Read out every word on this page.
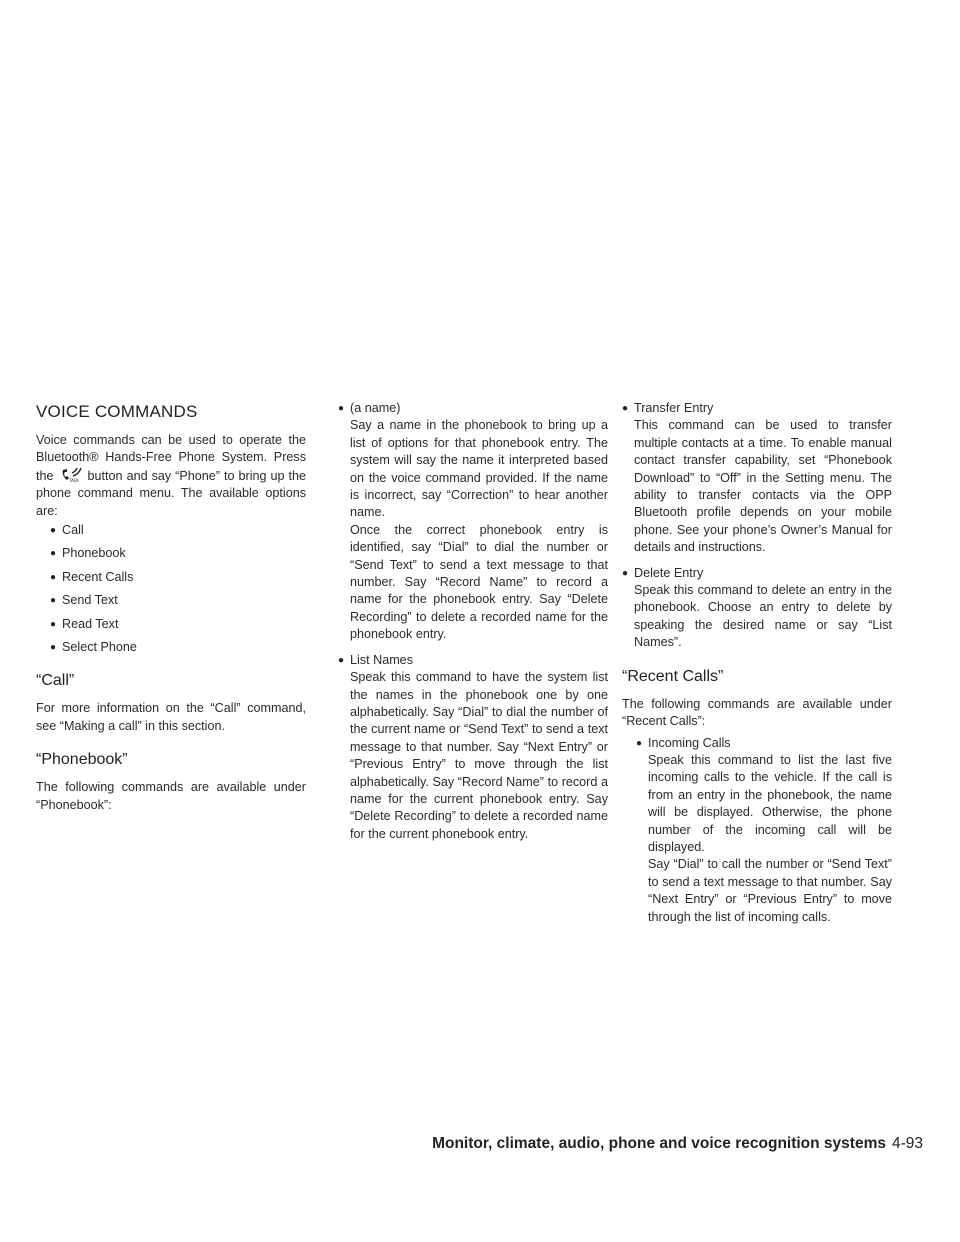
VOICE COMMANDS

Voice commands can be used to operate the Bluetooth® Hands-Free Phone System. Press the	TALK button and say “Phone” to bring up the phone command menu. The available options are:

● Call
● Phonebook
● Recent Calls
● Send Text
● Read Text
● Select Phone
“Call”

For more information on the “Call” command, see “Making a call” in this section.

“Phonebook”

The following commands are available under “Phonebook”:

● (a name)
Say a name in the phonebook to bring up a list of options for that phonebook entry. The system will say the name it interpreted based on the voice command provided. If the name is incorrect, say “Correction” to hear another name.
Once the correct phonebook entry is identified, say “Dial” to dial the number or “Send Text” to send a text message to that number. Say “Record Name” to record a name for the phonebook entry. Say “Delete Recording” to delete a recorded name for the phonebook entry.
● List Names
Speak this command to have the system list the names in the phonebook one by one alphabetically. Say “Dial” to dial the number of the current name or “Send Text” to send a text message to that number. Say “Next Entry” or “Previous Entry” to move through the list alphabetically. Say “Record Name” to record a name for the current phonebook entry. Say “Delete Recording” to delete a recorded name for the current phonebook entry.
● Transfer Entry
This command can be used to transfer multiple contacts at a time. To enable manual contact transfer capability, set “Phonebook Download” to “Off” in the Setting menu. The ability to transfer contacts via the OPP Bluetooth profile depends on your mobile phone. See your phone’s Owner’s Manual for details and instructions.
● Delete Entry
Speak this command to delete an entry in the phonebook. Choose an entry to delete by speaking the desired name or say “List Names”.
“Recent Calls”

The following commands are available under “Recent Calls”:

● Incoming Calls
Speak this command to list the last five incoming calls to the vehicle. If the call is from an entry in the phonebook, the name will be displayed. Otherwise, the phone number of the incoming call will be displayed.
Say “Dial” to call the number or “Send Text” to send a text message to that number. Say “Next Entry” or “Previous Entry” to move through the list of incoming calls.
Monitor, climate, audio, phone and voice recognition systems 4-93
